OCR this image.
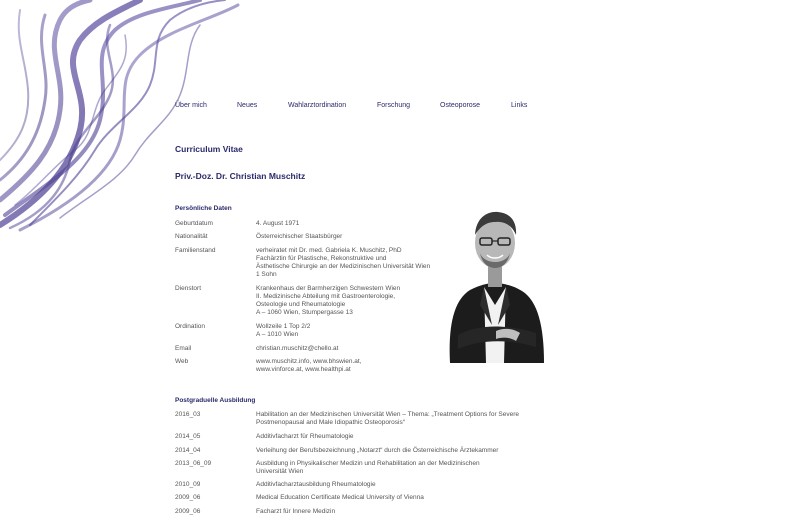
Über mich	Neues	Wahlarztordination	Forschung	Osteoporose	Links
Curriculum Vitae
Priv.-Doz. Dr. Christian Muschitz
Persönliche Daten
Geburtdatum	4. August 1971
Nationalität	Österreichischer Staatsbürger
Familienstand	verheiratet mit Dr. med. Gabriela K. Muschitz, PhD
Fachärztin für Plastische, Rekonstruktive und
Ästhetische Chirurgie an der Medizinischen Universität Wien
1 Sohn
Dienstort	Krankenhaus der Barmherzigen Schwestern Wien
II. Medizinische Abteilung mit Gastroenterologie,
Osteologie und Rheumatologie
A – 1060 Wien, Stumpergasse 13
Ordination	Wollzeile 1 Top 2/2
A – 1010 Wien
Email	christian.muschitz@chello.at
Web	www.muschitz.info, www.bhswien.at,
www.vinforce.at, www.healthpi.at
Postgraduelle Ausbildung
2016_03	Habilitation an der Medizinischen Universität Wien – Thema: „Treatment Options for Severe
Postmenopausal and Male Idiopathic Osteoporosis“
2014_05	Additivfacharzt für Rheumatologie
2014_04	Verleihung der Berufsbezeichnung „Notarzt“ durch die Österreichische Ärztekammer
2013_06_09	Ausbildung in Physikalischer Medizin und Rehabilitation an der Medizinischen
Universität Wien
2010_09	Additivfacharztausbildung Rheumatologie
2009_06	Medical Education Certificate Medical University of Vienna
2009_06	Facharzt für Innere Medizin
